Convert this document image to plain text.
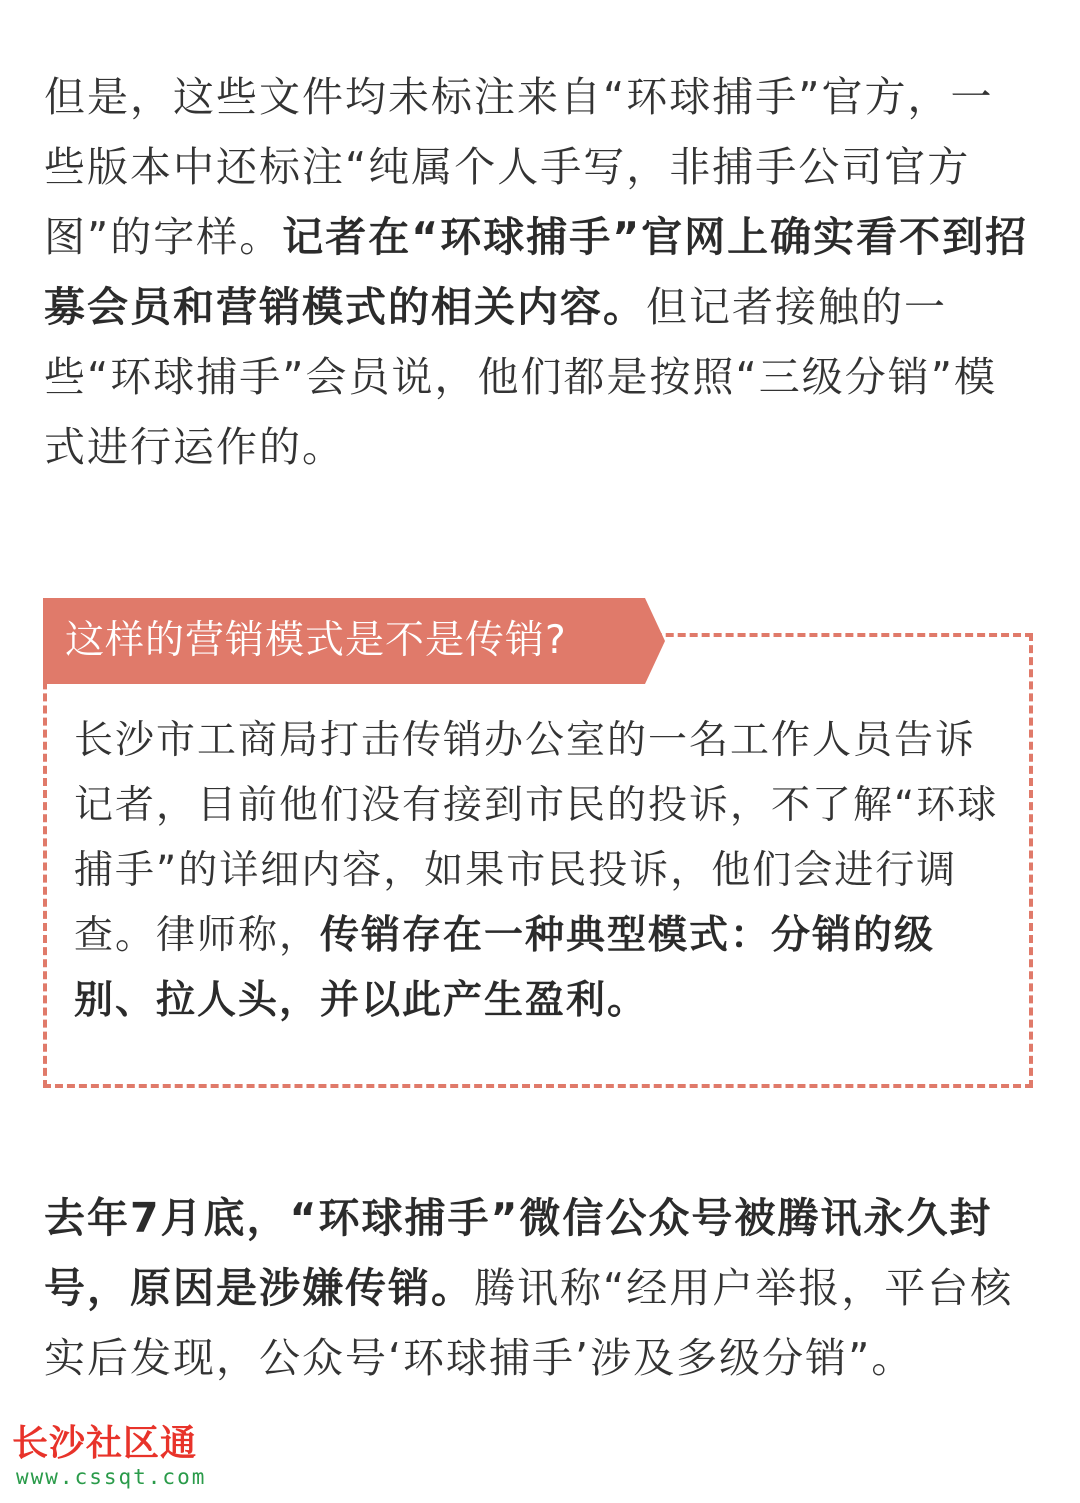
但是，这些文件均未标注来自“环球捕手”官方，一些版本中还标注“纯属个人手写，非捕手公司官方图”的字样。记者在“环球捕手”官网上确实看不到招募会员和营销模式的相关内容。但记者接触的一些“环球捕手”会员说，他们都是按照“三级分销”模式进行运作的。

这样的营销模式是不是传销?

长沙市工商局打击传销办公室的一名工作人员告诉记者，目前他们没有接到市民的投诉，不了解“环球捕手”的详细内容，如果市民投诉，他们会进行调查。律师称，传销存在一种典型模式：分销的级别、拉人头，并以此产生盈利。

去年7月底，“环球捕手”微信公众号被腾讯永久封号，原因是涉嫌传销。腾讯称“经用户举报，平台核实后发现，公众号‘环球捕手’涉及多级分销”。

长沙社区通
www.cssqt.com
